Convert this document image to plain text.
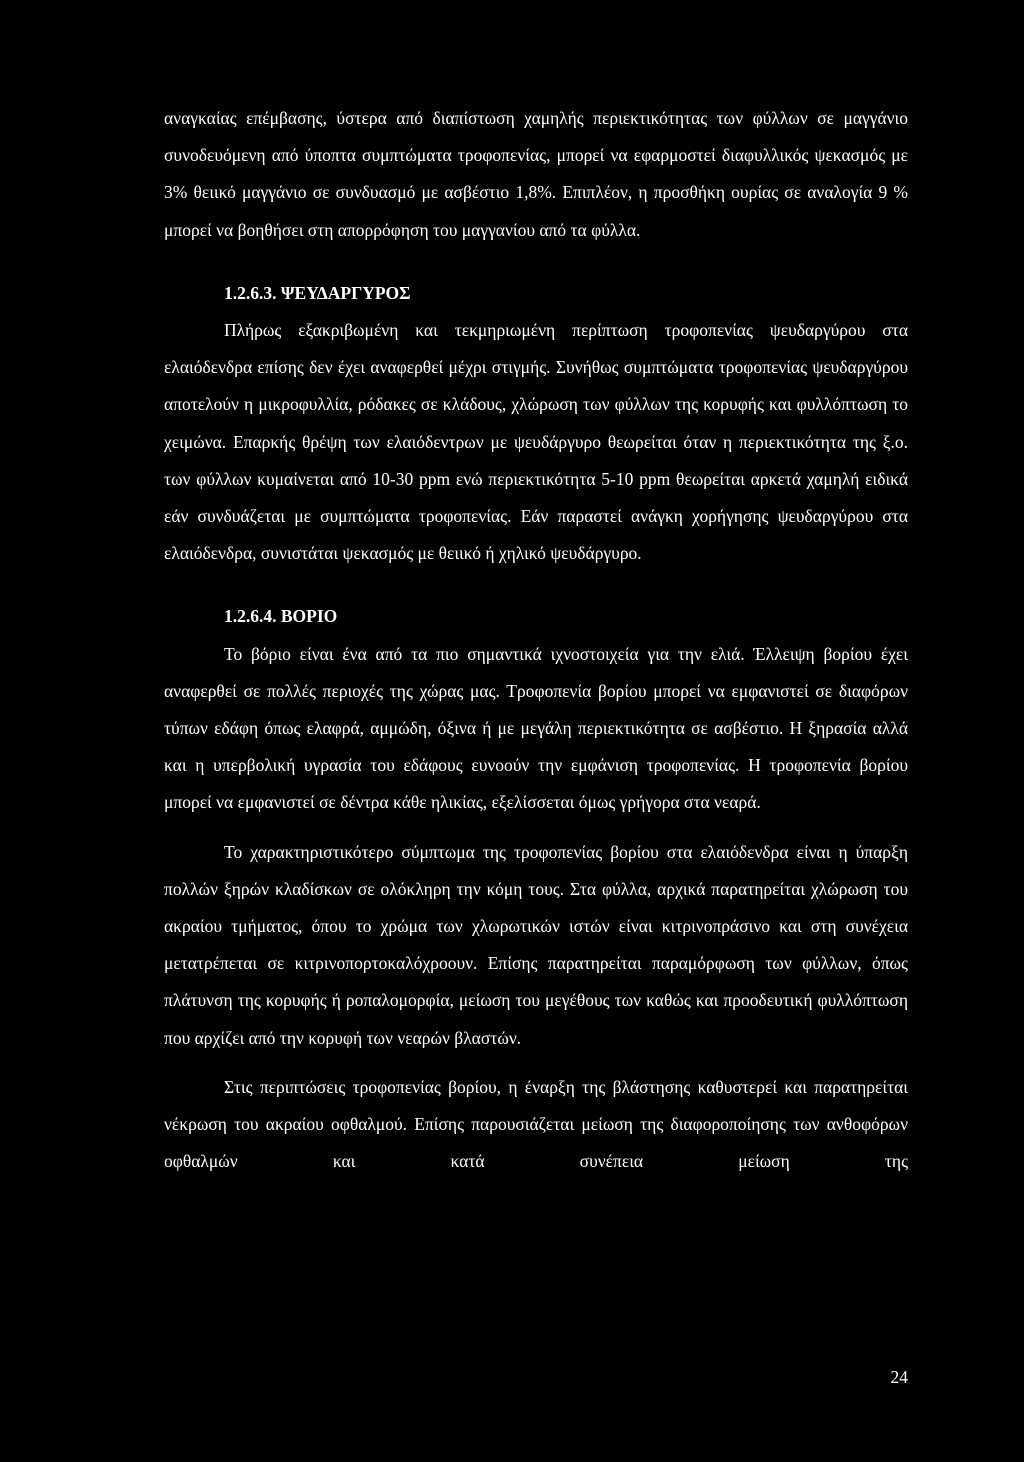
αναγκαίας επέμβασης, ύστερα από διαπίστωση χαμηλής περιεκτικότητας των φύλλων σε μαγγάνιο συνοδευόμενη από ύποπτα συμπτώματα τροφοπενίας, μπορεί να εφαρμοστεί διαφυλλικός ψεκασμός με 3% θειικό μαγγάνιο σε συνδυασμό με ασβέστιο 1,8%. Επιπλέον, η προσθήκη ουρίας σε αναλογία 9 % μπορεί να βοηθήσει στη απορρόφηση του μαγγανίου από τα φύλλα.

1.2.6.3. ΨΕΥΔΑΡΓΥΡΟΣ

Πλήρως εξακριβωμένη και τεκμηριωμένη περίπτωση τροφοπενίας ψευδαργύρου στα ελαιόδενδρα επίσης δεν έχει αναφερθεί μέχρι στιγμής. Συνήθως συμπτώματα τροφοπενίας ψευδαργύρου αποτελούν η μικροφυλλία, ρόδακες σε κλάδους, χλώρωση των φύλλων της κορυφής και φυλλόπτωση το χειμώνα. Επαρκής θρέψη των ελαιόδεντρων με ψευδάργυρο θεωρείται όταν η περιεκτικότητα της ξ.ο. των φύλλων κυμαίνεται από 10-30 ppm ενώ περιεκτικότητα 5-10 ppm θεωρείται αρκετά χαμηλή ειδικά εάν συνδυάζεται με συμπτώματα τροφοπενίας. Εάν παραστεί ανάγκη χορήγησης ψευδαργύρου στα ελαιόδενδρα, συνιστάται ψεκασμός με θειικό ή χηλικό ψευδάργυρο.

1.2.6.4. ΒΟΡΙΟ

Το βόριο είναι ένα από τα πιο σημαντικά ιχνοστοιχεία για την ελιά. Έλλειψη βορίου έχει αναφερθεί σε πολλές περιοχές της χώρας μας. Τροφοπενία βορίου μπορεί να εμφανιστεί σε διαφόρων τύπων εδάφη όπως ελαφρά, αμμώδη, όξινα ή με μεγάλη περιεκτικότητα σε ασβέστιο. Η ξηρασία αλλά και η υπερβολική υγρασία του εδάφους ευνοούν την εμφάνιση τροφοπενίας. Η τροφοπενία βορίου μπορεί να εμφανιστεί σε δέντρα κάθε ηλικίας, εξελίσσεται όμως γρήγορα στα νεαρά.

Το χαρακτηριστικότερο σύμπτωμα της τροφοπενίας βορίου στα ελαιόδενδρα είναι η ύπαρξη πολλών ξηρών κλαδίσκων σε ολόκληρη την κόμη τους. Στα φύλλα, αρχικά παρατηρείται χλώρωση του ακραίου τμήματος, όπου το χρώμα των χλωρωτικών ιστών είναι κιτρινοπράσινο και στη συνέχεια μετατρέπεται σε κιτρινοπορτοκαλόχροουν. Επίσης παρατηρείται παραμόρφωση των φύλλων, όπως πλάτυνση της κορυφής ή ροπαλομορφία, μείωση του μεγέθους των καθώς και προοδευτική φυλλόπτωση που αρχίζει από την κορυφή των νεαρών βλαστών.

Στις περιπτώσεις τροφοπενίας βορίου, η έναρξη της βλάστησης καθυστερεί και παρατηρείται νέκρωση του ακραίου οφθαλμού. Επίσης παρουσιάζεται μείωση της διαφοροποίησης των ανθοφόρων οφθαλμών και κατά συνέπεια μείωση της

24
